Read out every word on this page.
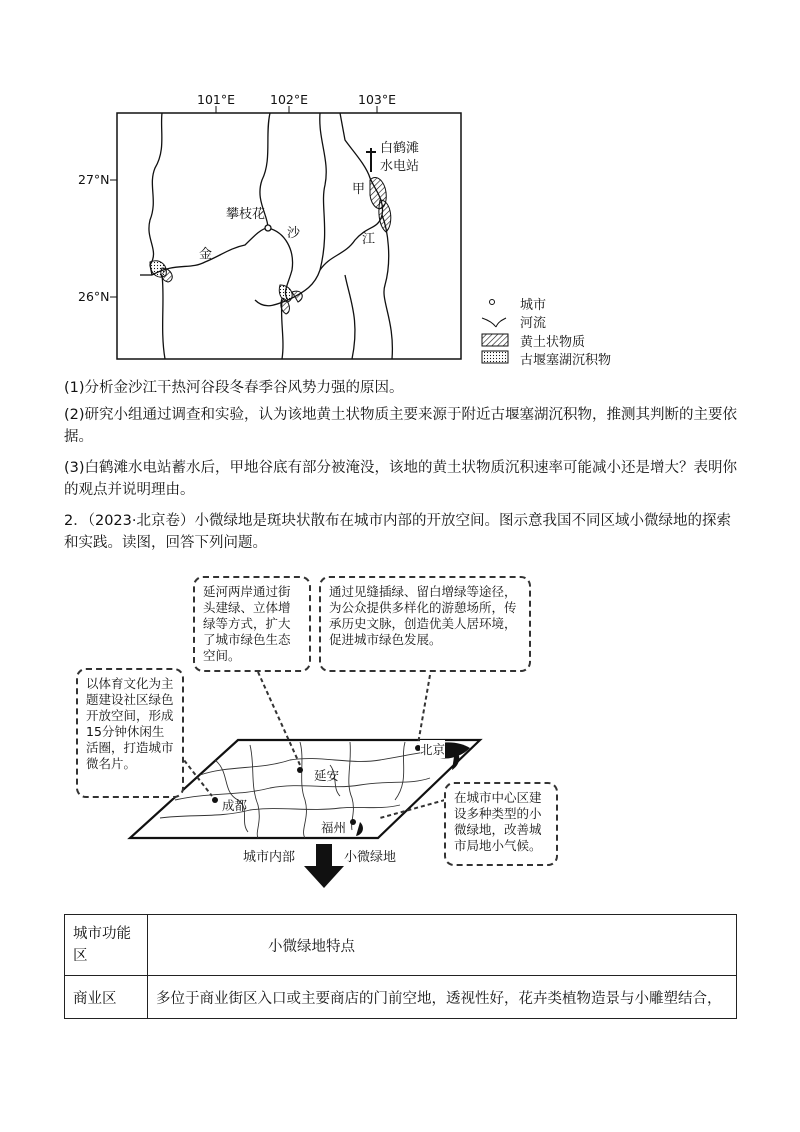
101°E	102°E	103°E
27°N
26°N
攀枝花
金
沙	江
白鹤滩
水电站
甲
城市
河流
黄土状物质
古堰塞湖沉积物
(1)分析金沙江干热河谷段冬春季谷风势力强的原因。
(2)研究小组通过调查和实验，认为该地黄土状物质主要来源于附近古堰塞湖沉积物，推测其判断的主要依据。
(3)白鹤滩水电站蓄水后，甲地谷底有部分被淹没，该地的黄土状物质沉积速率可能减小还是增大？表明你的观点并说明理由。
2．（2023·北京卷）小微绿地是斑块状散布在城市内部的开放空间。图示意我国不同区域小微绿地的探索和实践。读图，回答下列问题。
延河两岸通过街头建绿、立体增绿等方式，扩大了城市绿色生态空间。
通过见缝插绿、留白增绿等途径，为公众提供多样化的游憩场所，传承历史文脉，创造优美人居环境，促进城市绿色发展。
以体育文化为主题建设社区绿色开放空间，形成15分钟休闲生活圈，打造城市微名片。
在城市中心区建设多种类型的小微绿地，改善城市局地小气候。
北京
延安
成都
福州
城市内部	小微绿地
城市功能区	小微绿地特点
商业区	多位于商业街区入口或主要商店的门前空地，透视性好，花卉类植物造景与小雕塑结合，
